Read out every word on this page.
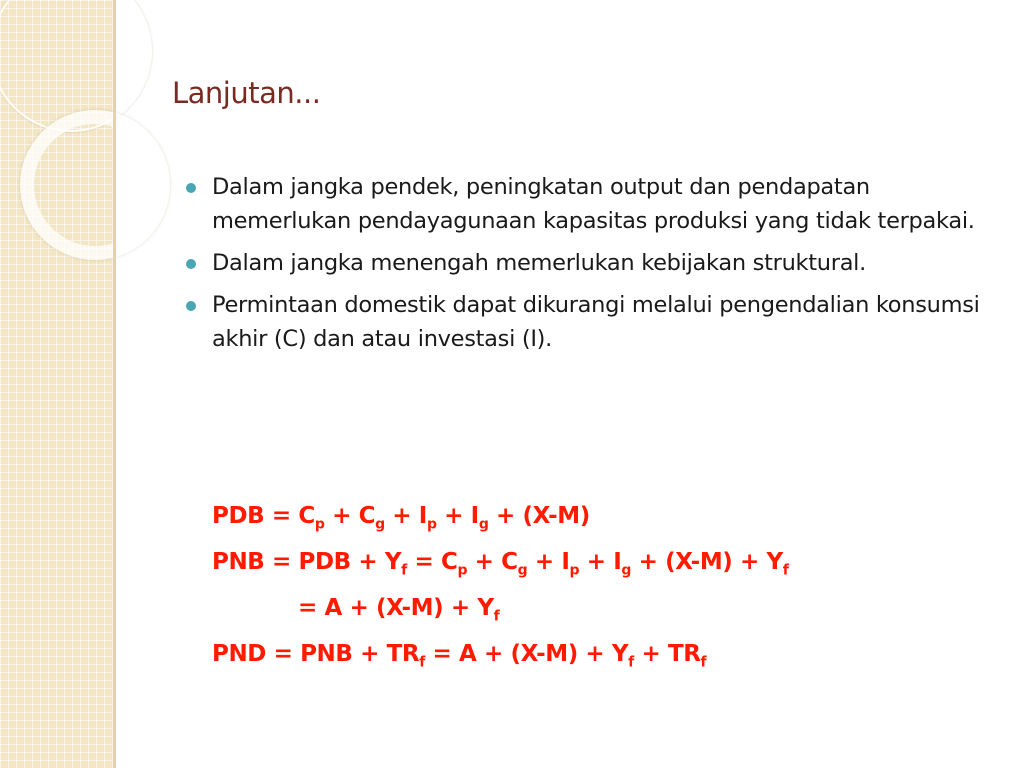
Lanjutan...
Dalam jangka pendek, peningkatan output dan pendapatan memerlukan pendayagunaan kapasitas produksi yang tidak terpakai.
Dalam jangka menengah memerlukan kebijakan struktural.
Permintaan domestik dapat dikurangi melalui pengendalian konsumsi akhir (C) dan atau investasi (I).
PDB = $C_p + C_g + I_p + I_g + (X-M)$
PNB = PDB + $Y_f = C_p + C_g + I_p + I_g + (X-M) + Y_f$
= $A + (X-M) + Y_f$
PND = PNB + $TR_f = A + (X-M) + Y_f + TR_f$
